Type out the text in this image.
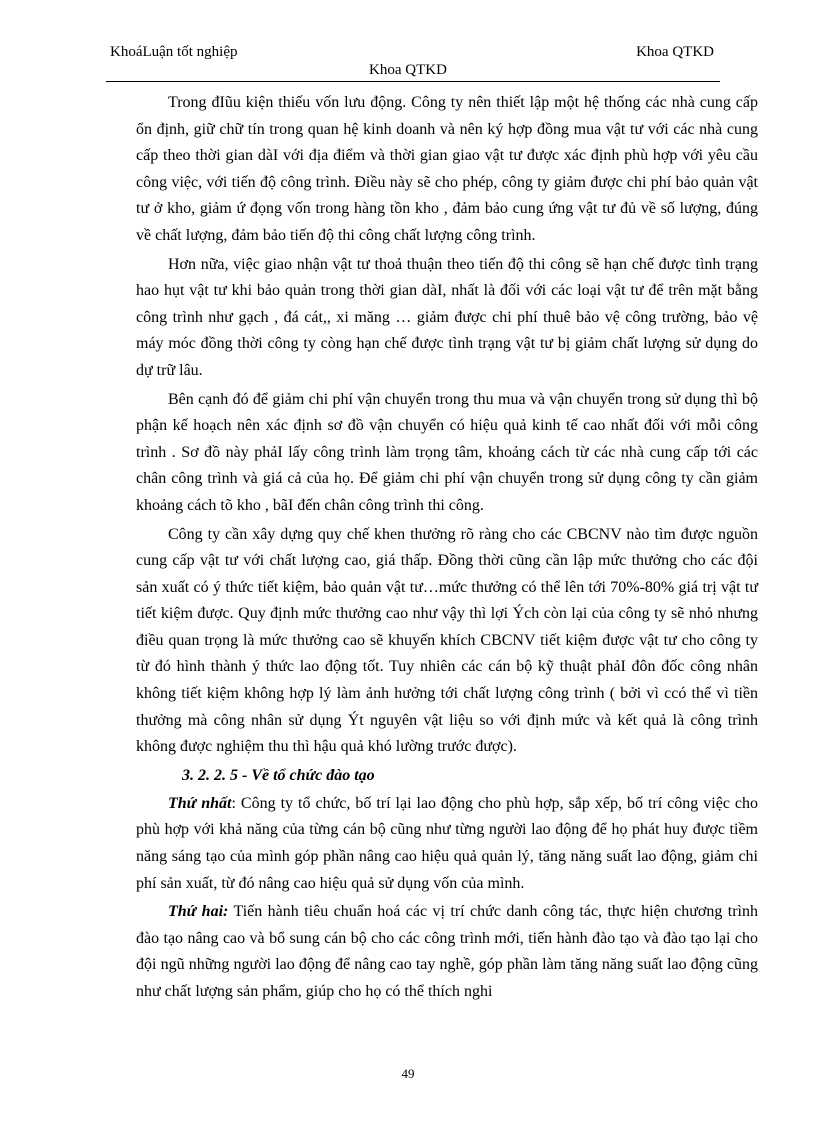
KhoáLuận tốt nghiệp	Khoa QTKD
Khoa QTKD

Trong đIũu kiện thiếu vốn lưu động. Công ty nên thiết lập một hệ thống các nhà cung cấp ổn định, giữ chữ tín trong quan hệ kinh doanh và nên ký hợp đồng mua vật tư với các nhà cung cấp theo thời gian dàI với địa điểm và thời gian giao vật tư được xác định phù hợp với yêu cầu công việc, với tiến độ công trình. Điều này sẽ cho phép, công ty giảm được chi phí bảo quản vật tư ở kho, giảm ứ đọng vốn trong hàng tồn kho , đảm bảo cung ứng vật tư đủ về số lượng, đúng về chất lượng, đảm bảo tiến độ thi công chất lượng công trình.

Hơn nữa, việc giao nhận vật tư thoả thuận theo tiến độ thi công sẽ hạn chế được tình trạng hao hụt vật tư khi bảo quản trong thời gian dàI, nhất là đối với các loại vật tư để trên mặt bằng công trình như gạch , đá cát,, xi măng … giảm được chi phí thuê bảo vệ công trường, bảo vệ máy móc đồng thời công ty còng hạn chế được tình trạng vật tư bị giảm chất lượng sử dụng do dự trữ lâu.

Bên cạnh đó để giảm chi phí vận chuyển trong thu mua và vận chuyển trong sử dụng thì bộ phận kế hoạch nên xác định sơ đồ vận chuyển có hiệu quả kinh tế cao nhất đối với mỗi công trình . Sơ đồ này phảI lấy công trình làm trọng tâm, khoảng cách từ các nhà cung cấp tới các chân công trình và giá cả của họ. Để giảm chi phí vận chuyển trong sử dụng công ty cần giảm khoảng cách tõ kho , bãI đến chân công trình thi công.

Công ty cần xây dựng quy chế khen thưởng rõ ràng cho các CBCNV nào tìm được nguồn cung cấp vật tư với chất lượng cao, giá thấp. Đồng thời cũng cần lập mức thưởng cho các đội sản xuất có ý thức tiết kiệm, bảo quản vật tư…mức thưởng có thể lên tới 70%-80% giá trị vật tư tiết kiệm được. Quy định mức thưởng cao như vậy thì lợi Ých còn lại của công ty sẽ nhỏ nhưng điều quan trọng là mức thưởng cao sẽ khuyến khích CBCNV tiết kiệm được vật tư cho công ty từ đó hình thành ý thức lao động tốt. Tuy nhiên các cán bộ kỹ thuật phảI đôn đốc công nhân không tiết kiệm không hợp lý làm ảnh hưởng tới chất lượng công trình ( bởi vì ccó thể vì tiền thưởng mà công nhân sử dụng Ýt nguyên vật liệu so với định mức và kết quả là công trình không được nghiệm thu thì hậu quả khó lường trước được).

3. 2. 2. 5 - Về tổ chức đào tạo

Thứ nhất: Công ty tổ chức, bố trí lại lao động cho phù hợp, sắp xếp, bố trí công việc cho phù hợp với khả năng của từng cán bộ cũng như từng người lao động để họ phát huy được tiềm năng sáng tạo của mình góp phần nâng cao hiệu quả quản lý, tăng năng suất lao động, giảm chi phí sản xuất, từ đó nâng cao hiệu quả sử dụng vốn của mình.

Thứ hai: Tiến hành tiêu chuẩn hoá các vị trí chức danh công tác, thực hiện chương trình đào tạo nâng cao và bổ sung cán bộ cho các công trình mới, tiến hành đào tạo và đào tạo lại cho đội ngũ những người lao động để nâng cao tay nghề, góp phần làm tăng năng suất lao động cũng như chất lượng sản phẩm, giúp cho họ có thể thích nghi

49
